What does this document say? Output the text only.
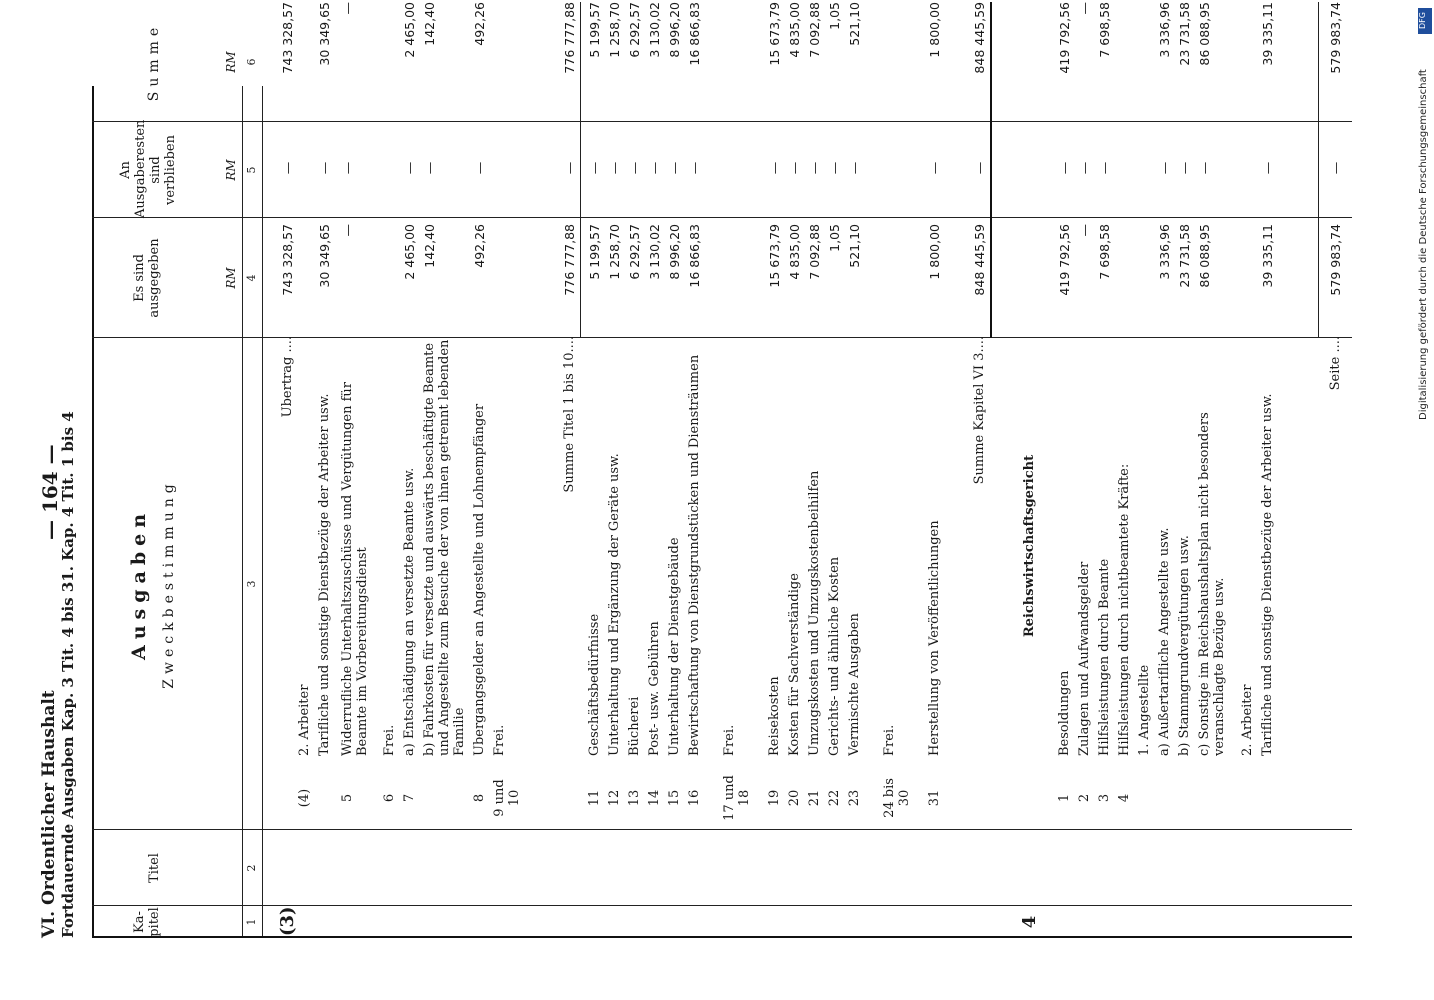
VI. Ordentlicher Haushalt Fortdauernde Ausgaben Kap. 3 Tit. 4 bis 31. Kap. 4 Tit. 1 bis 4
— 164 —
Ka-
pitel
Titel
Ausgaben Zweckbestimmung
Es sind ausgegeben
An Ausgaberesten sind verblieben
Summe
RM
RM
RM
1
2
3
4
5
6
(3)
Übertrag ....
743 328,57
—
743 328,57
(4)
2. Arbeiter Tarifliche und sonstige Dienstbezüge der Arbeiter usw.
30 349,65
—
30 349,65
5
Widerrufliche Unterhaltszuschüsse und Vergütungen für Beamte im Vorbereitungsdienst
—
—
—
6
Frei.
7
a) Entschädigung an versetzte Beamte usw.
2 465,00
—
2 465,00
b) Fahrkosten für versetzte und auswärts beschäftigte Beamte und Angestellte zum Besuche der von ihnen getrennt lebenden Familie
142,40
—
142,40
8
Übergangsgelder an Angestellte und Lohnempfänger
492,26
—
492,26
9 und 10
Frei.
Summe Titel 1 bis 10....
776 777,88
—
776 777,88
11
Geschäftsbedürfnisse
5 199,57
—
5 199,57
12
Unterhaltung und Ergänzung der Geräte usw.
1 258,70
—
1 258,70
13
Bücherei
6 292,57
—
6 292,57
14
Post- usw. Gebühren
3 130,02
—
3 130,02
15
Unterhaltung der Dienstgebäude
8 996,20
—
8 996,20
16
Bewirtschaftung von Dienstgrundstücken und Diensträumen
16 866,83
—
16 866,83
17 und 18
Frei.
19
Reisekosten
15 673,79
—
15 673,79
20
Kosten für Sachverständige
4 835,00
—
4 835,00
21
Umzugskosten und Umzugskostenbeihilfen
7 092,88
—
7 092,88
22
Gerichts- und ähnliche Kosten
1,05
—
1,05
23
Vermischte Ausgaben
521,10
—
521,10
24 bis 30
Frei.
31
Herstellung von Veröffentlichungen
1 800,00
—
1 800,00
Summe Kapitel VI 3....
848 445,59
—
848 445,59
4
Reichswirtschaftsgericht
1
Besoldungen
419 792,56
—
419 792,56
2
Zulagen und Aufwandsgelder
—
—
—
3
Hilfsleistungen durch Beamte
7 698,58
—
7 698,58
4
Hilfsleistungen durch nichtbeamtete Kräfte: 1. Angestellte a) Außertarifliche Angestellte usw.
3 336,96
—
3 336,96
b) Stammgrundvergütungen usw.
23 731,58
—
23 731,58
c) Sonstige im Reichshaushaltsplan nicht besonders veranschlagte Bezüge usw.
86 088,95
—
86 088,95
2. Arbeiter Tarifliche und sonstige Dienstbezüge der Arbeiter usw.
39 335,11
—
39 335,11
Seite ....
579 983,74
—
579 983,74	DFG
Digitalisierung gefördert durch die Deutsche Forschungsgemeinschaft
